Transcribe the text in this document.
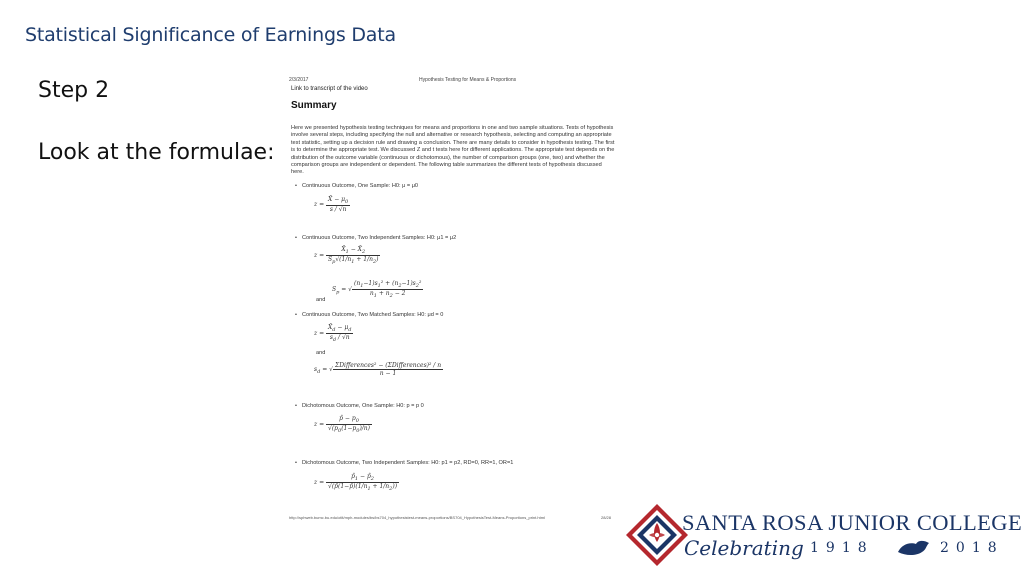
Statistical Significance of Earnings Data
Step 2
Look at the formulae:
2/3/2017	Hypothesis Testing for Means & Proportions
Link to transcript of the video
Summary
Here we presented hypothesis testing techniques for means and proportions in one and two sample situations. Tests of hypothesis involve several steps, including specifying the null and alternative or research hypothesis, selecting and computing an appropriate test statistic, setting up a decision rule and drawing a conclusion. There are many details to consider in hypothesis testing. The first is to determine the appropriate test. We discussed Z and t tests here for different applications. The appropriate test depends on the distribution of the outcome variable (continuous or dichotomous), the number of comparison groups (one, two) and whether the comparison groups are independent or dependent. The following table summarizes the different tests of hypothesis discussed here.
• Continuous Outcome, One Sample: H0: μ = μ0
$z = \frac{X̄ - \mu_0}{s / √n}$
• Continuous Outcome, Two Independent Samples: H0: μ1 = μ2
$z = \frac{X̄_1 - X̄_2}{S_p√(1/n_1 + 1/n_2)}$
and
$S_p$ = √ $\frac{(n_1-1)s_1^2 + (n_2-1)s_2^2}{n_1 + n_2 - 2}$
• Continuous Outcome, Two Matched Samples: H0: μd = 0
$z = \frac{X̄_d - \mu_d}{s_d / √n}$
and
$s_d$ = √ $\frac{\text{ΣDifferences² − (ΣDifferences)² / n}}{n - 1}$
• Dichotomous Outcome, One Sample: H0: p = p 0
$z = \frac{p̂ - p_0}{√(p_0(1-p_0)/n)}$
• Dichotomous Outcome, Two Independent Samples: H0: p1 = p2, RD=0, RR=1, OR=1
$z = \frac{p̂_1 - p̂_2}{√(p̂(1-p̂)(1/n_1 + 1/n_2))}$
http://sphweb.bumc.bu.edu/otlt/mph-modules/bs/bs704_hypothesistest-means-proportions/BS704_HypothesisTest-Means-Proportions_print.html	28/28	SANTA ROSA JUNIOR COLLEGE
Celebrating 1918	2018
